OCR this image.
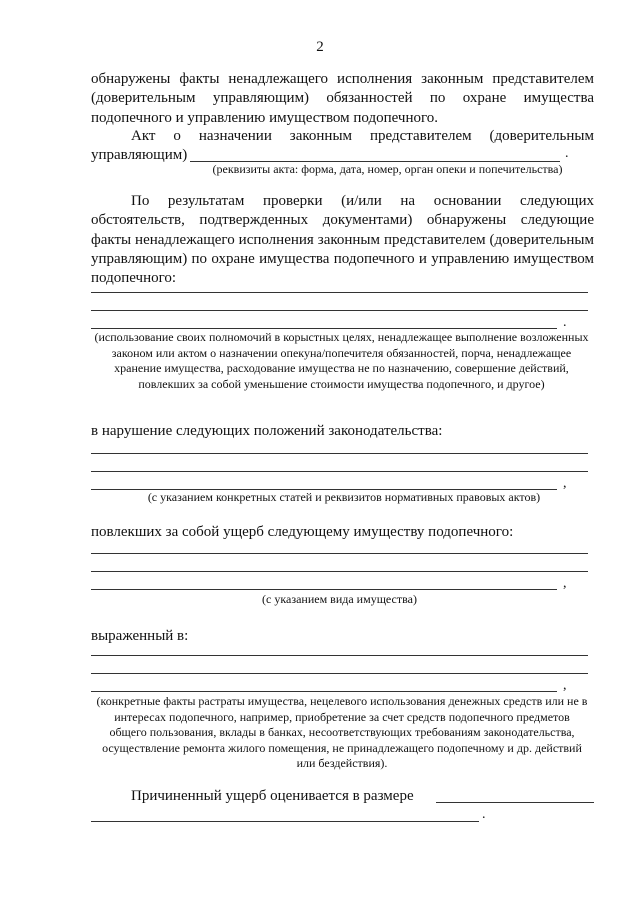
2
обнаружены факты ненадлежащего исполнения законным представителем (доверительным управляющим) обязанностей по охране имущества подопечного и управлению имуществом подопечного.
Акт о назначении законным представителем (доверительным
управляющим)	.
(реквизиты акта: форма, дата, номер, орган опеки и попечительства)
По результатам проверки (и/или на основании следующих обстоятельств, подтвержденных документами) обнаружены следующие факты ненадлежащего исполнения законным представителем (доверительным управляющим) по охране имущества подопечного и управлению имуществом подопечного:
.
(использование своих полномочий в корыстных целях, ненадлежащее выполнение возложенных законом или актом о назначении опекуна/попечителя обязанностей, порча, ненадлежащее хранение имущества, расходование имущества не по назначению, совершение действий, повлекших за собой уменьшение стоимости имущества подопечного, и другое)
в нарушение следующих положений законодательства:
,
(с указанием конкретных статей и реквизитов нормативных правовых актов)
повлекших за собой ущерб следующему имуществу подопечного:
,
(с указанием вида имущества)
выраженный в:
,
(конкретные факты растраты имущества, нецелевого использования денежных средств или не в интересах подопечного, например, приобретение за счет средств подопечного предметов общего пользования, вклады в банках, несоответствующих требованиям законодательства, осуществление ремонта жилого помещения, не принадлежащего подопечному и др. действий или бездействия).
Причиненный ущерб оценивается в размере
.
